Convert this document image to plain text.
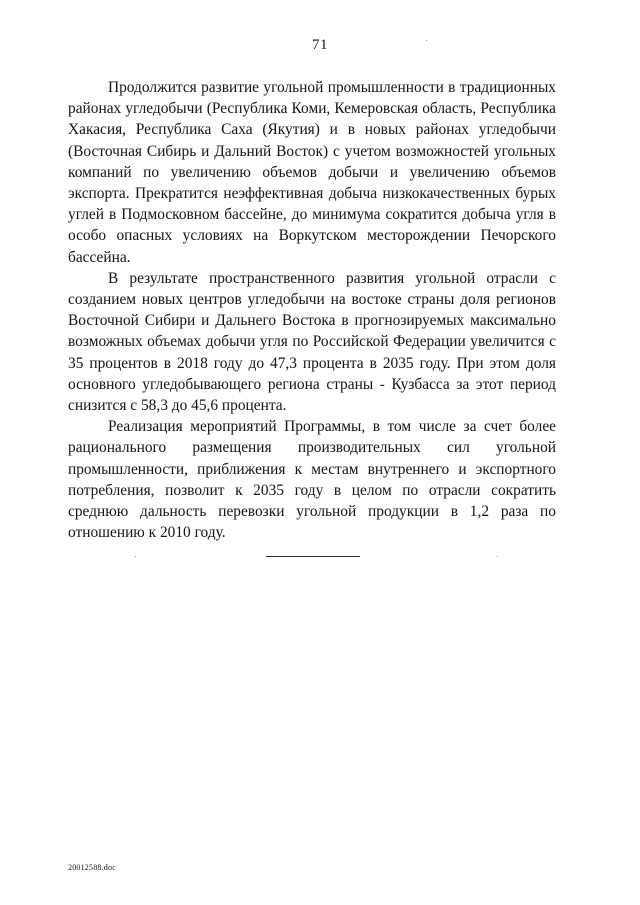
71

Продолжится развитие угольной промышленности в традиционных районах угледобычи (Республика Коми, Кемеровская область, Республика Хакасия, Республика Саха (Якутия) и в новых районах угледобычи (Восточная Сибирь и Дальний Восток) с учетом возможностей угольных компаний по увеличению объемов добычи и увеличению объемов экспорта. Прекратится неэффективная добыча низкокачественных бурых углей в Подмосковном бассейне, до минимума сократится добыча угля в особо опасных условиях на Воркутском месторождении Печорского бассейна.

В результате пространственного развития угольной отрасли с созданием новых центров угледобычи на востоке страны доля регионов Восточной Сибири и Дальнего Востока в прогнозируемых максимально возможных объемах добычи угля по Российской Федерации увеличится с 35 процентов в 2018 году до 47,3 процента в 2035 году. При этом доля основного угледобывающего региона страны - Кузбасса за этот период снизится с 58,3 до 45,6 процента.

Реализация мероприятий Программы, в том числе за счет более рационального размещения производительных сил угольной промышленности, приближения к местам внутреннего и экспортного потребления, позволит к 2035 году в целом по отрасли сократить среднюю дальность перевозки угольной продукции в 1,2 раза по отношению к 2010 году.

20012588.doc
